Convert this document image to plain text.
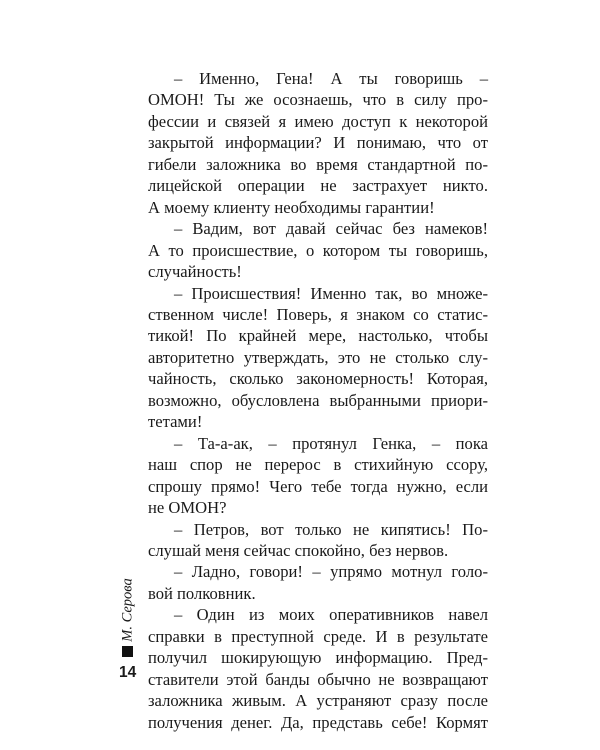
– Именно, Гена! А ты говоришь –
ОМОН! Ты же осознаешь, что в силу про-
фессии и связей я имею доступ к некоторой
закрытой информации? И понимаю, что от
гибели заложника во время стандартной по-
лицейской операции не застрахует никто.
А моему клиенту необходимы гарантии!
– Вадим, вот давай сейчас без намеков!
А то происшествие, о котором ты говоришь,
случайность!
– Происшествия! Именно так, во множе-
ственном числе! Поверь, я знаком со статис-
тикой! По крайней мере, настолько, чтобы
авторитетно утверждать, это не столько слу-
чайность, сколько закономерность! Которая,
возможно, обусловлена выбранными приори-
тетами!
– Та-а-ак, – протянул Генка, – пока
наш спор не перерос в стихийную ссору,
спрошу прямо! Чего тебе тогда нужно, если
не ОМОН?
– Петров, вот только не кипятись! По-
слушай меня сейчас спокойно, без нервов.
– Ладно, говори! – упрямо мотнул голо-
вой полковник.
– Один из моих оперативников навел
справки в преступной среде. И в результате
получил шокирующую информацию. Пред-
ставители этой банды обычно не возвращают
заложника живым. А устраняют сразу после
получения денег. Да, представь себе! Кормят
М. Серова
14
